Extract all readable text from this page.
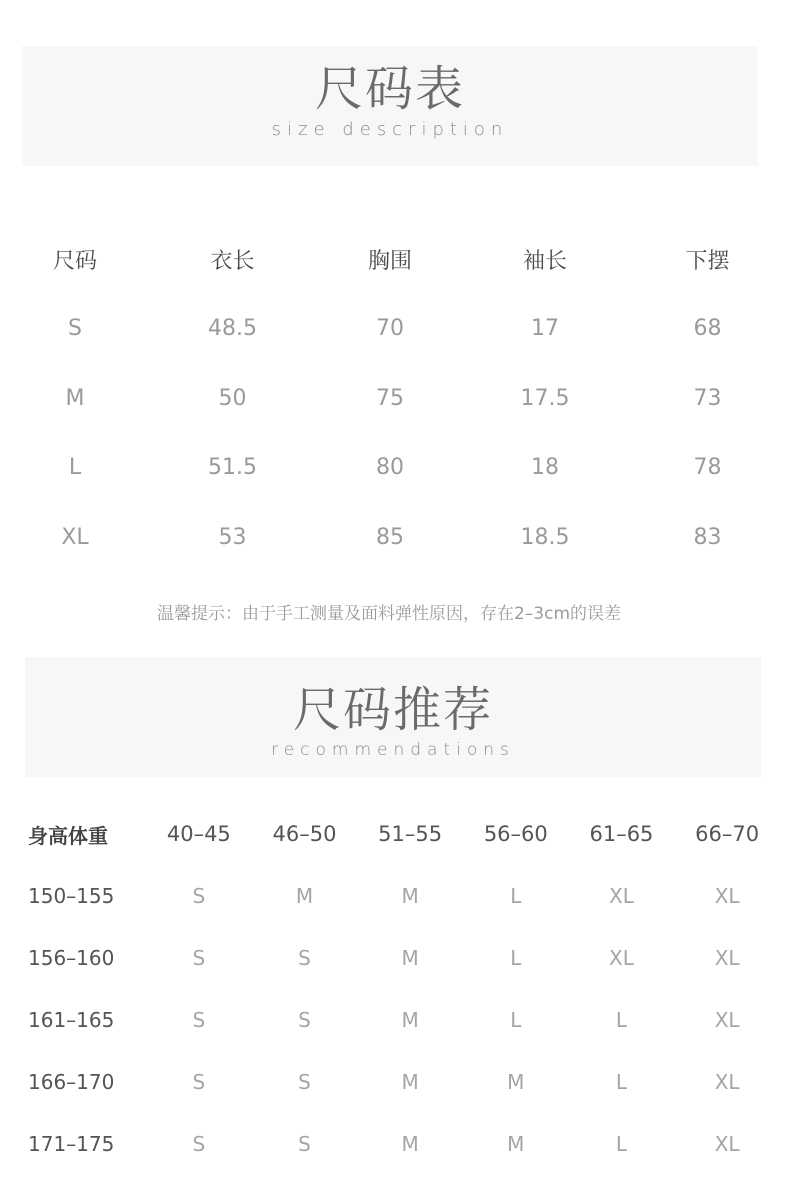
尺码表
size description
尺码	衣长	胸围	袖长	下摆
S	48.5	70	17	68
M	50	75	17.5	73
L	51.5	80	18	78
XL	53	85	18.5	83
温馨提示：由于手工测量及面料弹性原因，存在2–3cm的误差
尺码推荐
recommendations
身高体重	40–45	46–50	51–55	56–60	61–65	66–70
150–155	S	M	M	L	XL	XL
156–160	S	S	M	L	XL	XL
161–165	S	S	M	L	L	XL
166–170	S	S	M	M	L	XL
171–175	S	S	M	M	L	XL
